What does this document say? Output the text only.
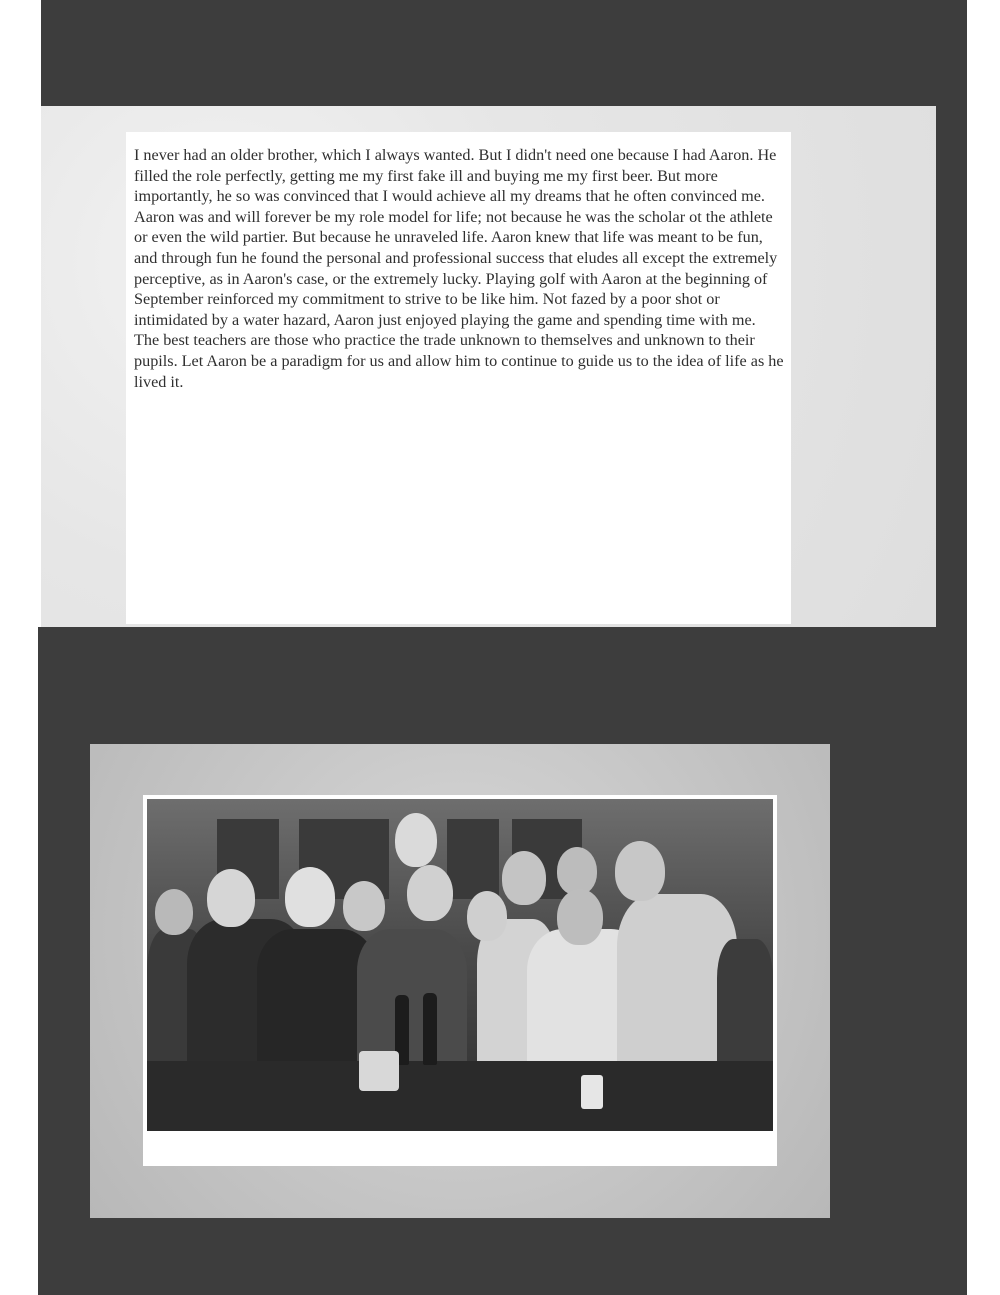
I never had an older brother, which I always wanted. But I didn't need one because I had Aaron. He filled the role perfectly, getting me my first fake ill and buying me my first beer. But more importantly, he so was convinced that I would achieve all my dreams that he often convinced me.

Aaron was and will forever be my role model for life; not because he was the scholar ot the athlete or even the wild partier. But because he unraveled life. Aaron knew that life was meant to be fun, and through fun he found the personal and professional success that eludes all except the extremely perceptive, as in Aaron's case, or the extremely lucky. Playing golf with Aaron at the beginning of September reinforced my commitment to strive to be like him. Not fazed by a poor shot or intimidated by a water hazard, Aaron just enjoyed playing the game and spending time with me.

The best teachers are those who practice the trade unknown to themselves and unknown to their pupils. Let Aaron be a paradigm for us and allow him to continue to guide us to the idea of life as he lived it.
